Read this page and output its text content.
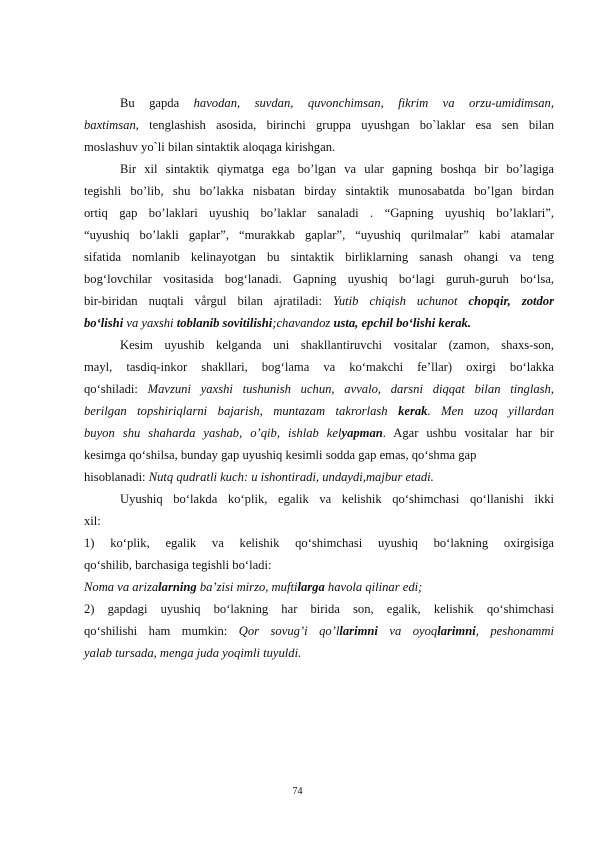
Bu gapda havodan, suvdan, quvonchimsan, fikrim va orzu-umidimsan,
baxtimsan, tenglashish asosida, birinchi gruppa uyushgan bo`laklar esa sen bilan
moslashuv yo`li bilan sintaktik aloqaga kirishgan.
Bir xil sintaktik qiymatga ega bo’lgan va ular gapning boshqa bir bo’lagiga
tegishli bo’lib, shu bo’lakka nisbatan birday sintaktik munosabatda bo’lgan birdan
ortiq gap bo’laklari uyushiq bo’laklar sanaladi . “Gapning uyushiq bo’laklari”,
“uyushiq bo’lakli gaplar”, “murakkab gaplar”, “uyushiq qurilmalar” kabi atamalar
sifatida nomlanib kelinayotgan bu sintaktik birliklarning sanash ohangi va teng
bog‘lovchilar vositasida bog‘lanadi. Gapning uyushiq bo‘lagi guruh-guruh bo‘lsa,
bir-biridan nuqtali vårgul bilan ajratiladi: Yutib chiqish uchunot chopqir, zotdor
bo‘lishi va yaxshi toblanib sovitilishi;chavandoz usta, epchil bo‘lishi kerak.
Kesim uyushib kelganda uni shakllantiruvchi vositalar (zamon, shaxs-son,
mayl, tasdiq-inkor shakllari, bog‘lama va ko‘makchi fe’llar) oxirgi bo‘lakka
qo‘shiladi: Mavzuni yaxshi tushunish uchun, avvalo, darsni diqqat bilan tinglash,
berilgan topshiriqlarni bajarish, muntazam takrorlash kerak. Men uzoq yillardan
buyon shu shaharda yashab, o’qib, ishlab kelyapman. Agar ushbu vositalar har bir
kesimga qo‘shilsa, bunday gap uyushiq kesimli sodda gap emas, qo‘shma gap
hisoblanadi: Nutq qudratli kuch: u ishontiradi, undaydi,majbur etadi.
Uyushiq bo‘lakda ko‘plik, egalik va kelishik qo‘shimchasi qo‘llanishi ikki
xil:
1) ko‘plik, egalik va kelishik qo‘shimchasi uyushiq bo‘lakning oxirgisiga
qo‘shilib, barchasiga tegishli bo‘ladi:
Noma va arizalarning ba’zisi mirzo, muftilarga havola qilinar edi;
2) gapdagi uyushiq bo‘lakning har birida son, egalik, kelishik qo‘shimchasi
qo‘shilishi ham mumkin: Qor sovug’i qo’llarimni va oyoqlarimni, peshonammi
yalab tursada, menga juda yoqimli tuyuldi.
74
